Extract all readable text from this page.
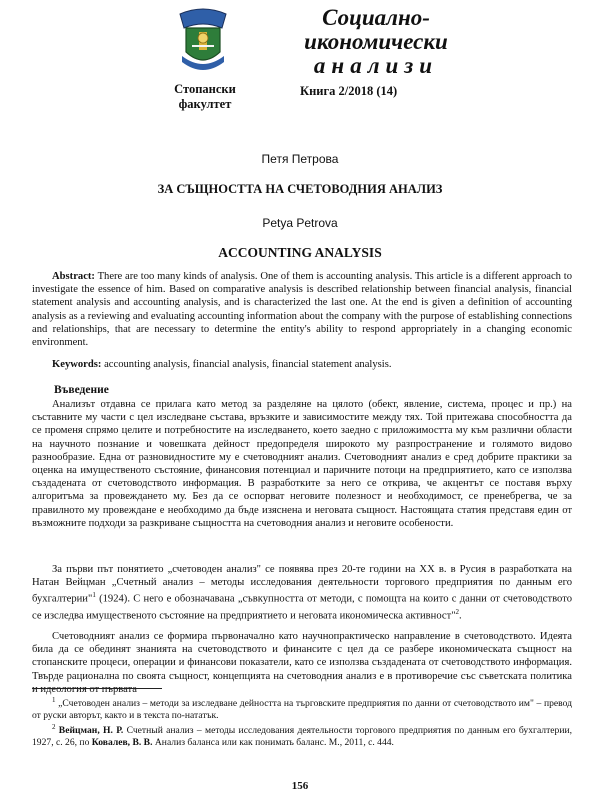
Стопански
факултет
Социално-
икономически
анализи
Книга 2/2018 (14)
Петя Петрова
ЗА СЪЩНОСТТА НА СЧЕТОВОДНИЯ АНАЛИЗ
Petya Petrova
ACCOUNTING ANALYSIS
Abstract: There are too many kinds of analysis. One of them is accounting analysis. This article is a different approach to investigate the essence of him. Based on comparative analysis is described relationship between financial analysis, financial statement analysis and accounting analysis, and is characterized the last one. At the end is given a definition of accounting analysis as a reviewing and evaluating accounting information about the company with the purpose of establishing connections and relationships, that are necessary to determine the entity's ability to respond appropriately in a changing economic environment.
Keywords: accounting analysis, financial analysis, financial statement analysis.
Въведение
Анализът отдавна се прилага като метод за разделяне на цялото (обект, явление, система, процес и пр.) на съставните му части с цел изследване състава, връзките и зависимостите между тях. Той притежава способността да се променя спрямо целите и потребностите на изследването, което заедно с приложимостта му към различни области на научното познание и човешката дейност предопределя широкото му разпространение и голямото видово разнообразие. Една от разновидностите му е счетоводният анализ. Счетоводният анализ е сред добрите практики за оценка на имущественото състояние, финансовия потенциал и паричните потоци на предприятието, като се използва създадената от счетоводството информация. В разработките за него се открива, че акцентът се поставя върху алгоритъма за провеждането му. Без да се оспорват неговите полезност и необходимост, се пренебрегва, че за правилното му провеждане е необходимо да бъде изяснена и неговата същност. Настоящата статия представя един от възможните подходи за разкриване същността на счетоводния анализ и неговите особености.
За първи път понятието „счетоводен анализ" се появява през 20-те години на XX в. в Русия в разработката на Натан Вейцман „Счетный анализ – методы исследования деятельности торгового предприятия по данным его бухгалтерии"$^1$ (1924). С него е обозначавана „съвкупността от методи, с помощта на които с данни от счетоводството се изследва имущественото състояние на предприятието и неговата икономическа активност"$^2$.
Счетоводният анализ се формира първоначално като научнопрактическо направление в счетоводството. Идеята била да се обединят знанията на счетоводството и финансите с цел да се разбере икономическата същност на стопанските процеси, операции и финансови показатели, като се използва създадената от счетоводството информация. Твърде рационална по своята същност, концепцията на счетоводния анализ е в противоречие със съветската политика и идеология от първата
$^1$ „Счетоводен анализ – методи за изследване дейността на търговските предприятия по данни от счетоводството им" – превод от руски авторът, както и в текста по-нататък.
$^2$ Вейцман, Н. Р. Счетный анализ – методы исследования деятельности торгового предприятия по данным его бухгалтерии, 1927, с. 26, по Ковалев, В. В. Анализ баланса или как понимать баланс. М., 2011, с. 444.
156
